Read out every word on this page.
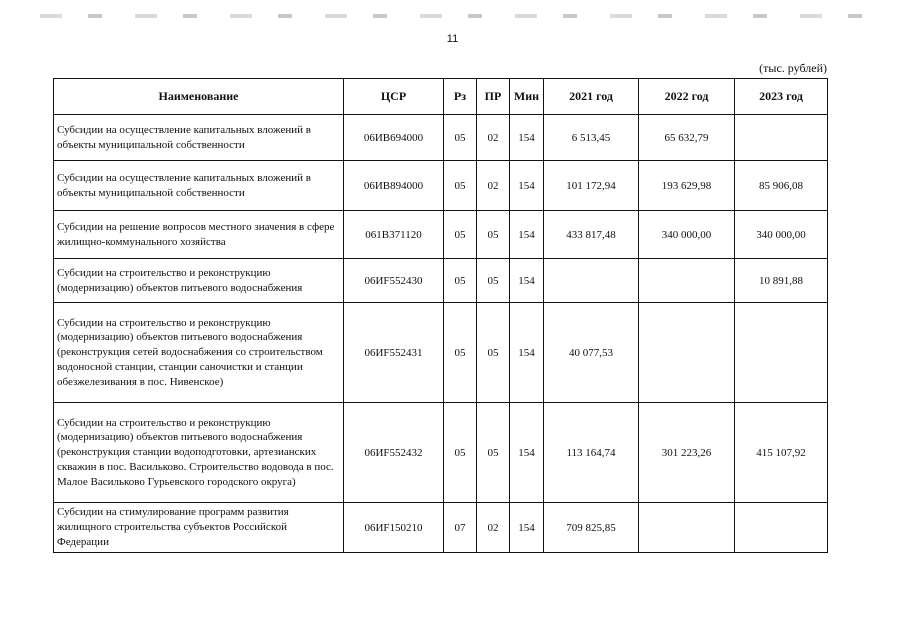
11
(тыс. рублей)
Наименование	ЦСР	Рз	ПР	Мин	2021 год	2022 год	2023 год
Субсидии на осуществление капитальных вложений в объекты муниципальной собственности	06ИВ694000	05	02	154	6 513,45	65 632,79	
Субсидии на осуществление капитальных вложений в объекты муниципальной собственности	06ИВ894000	05	02	154	101 172,94	193 629,98	85 906,08
Субсидии на решение вопросов местного значения в сфере жилищно-коммунального хозяйства	061В371120	05	05	154	433 817,48	340 000,00	340 000,00
Субсидии на строительство и реконструкцию (модернизацию) объектов питьевого водоснабжения	06ИF552430	05	05	154			10 891,88
Субсидии на строительство и реконструкцию (модернизацию) объектов питьевого водоснабжения (реконструкция сетей водоснабжения со строительством водоносной станции, станции саночистки и станции обезжелезивания в пос. Нивенское)	06ИF552431	05	05	154	40 077,53		
Субсидии на строительство и реконструкцию (модернизацию) объектов питьевого водоснабжения (реконструкция станции водоподготовки, артезианских скважин в пос. Васильково. Строительство водовода в пос. Малое Васильково Гурьевского городского округа)	06ИF552432	05	05	154	113 164,74	301 223,26	415 107,92
Субсидии на стимулирование программ развития жилищного строительства субъектов Российской Федерации	06ИF150210	07	02	154	709 825,85		
